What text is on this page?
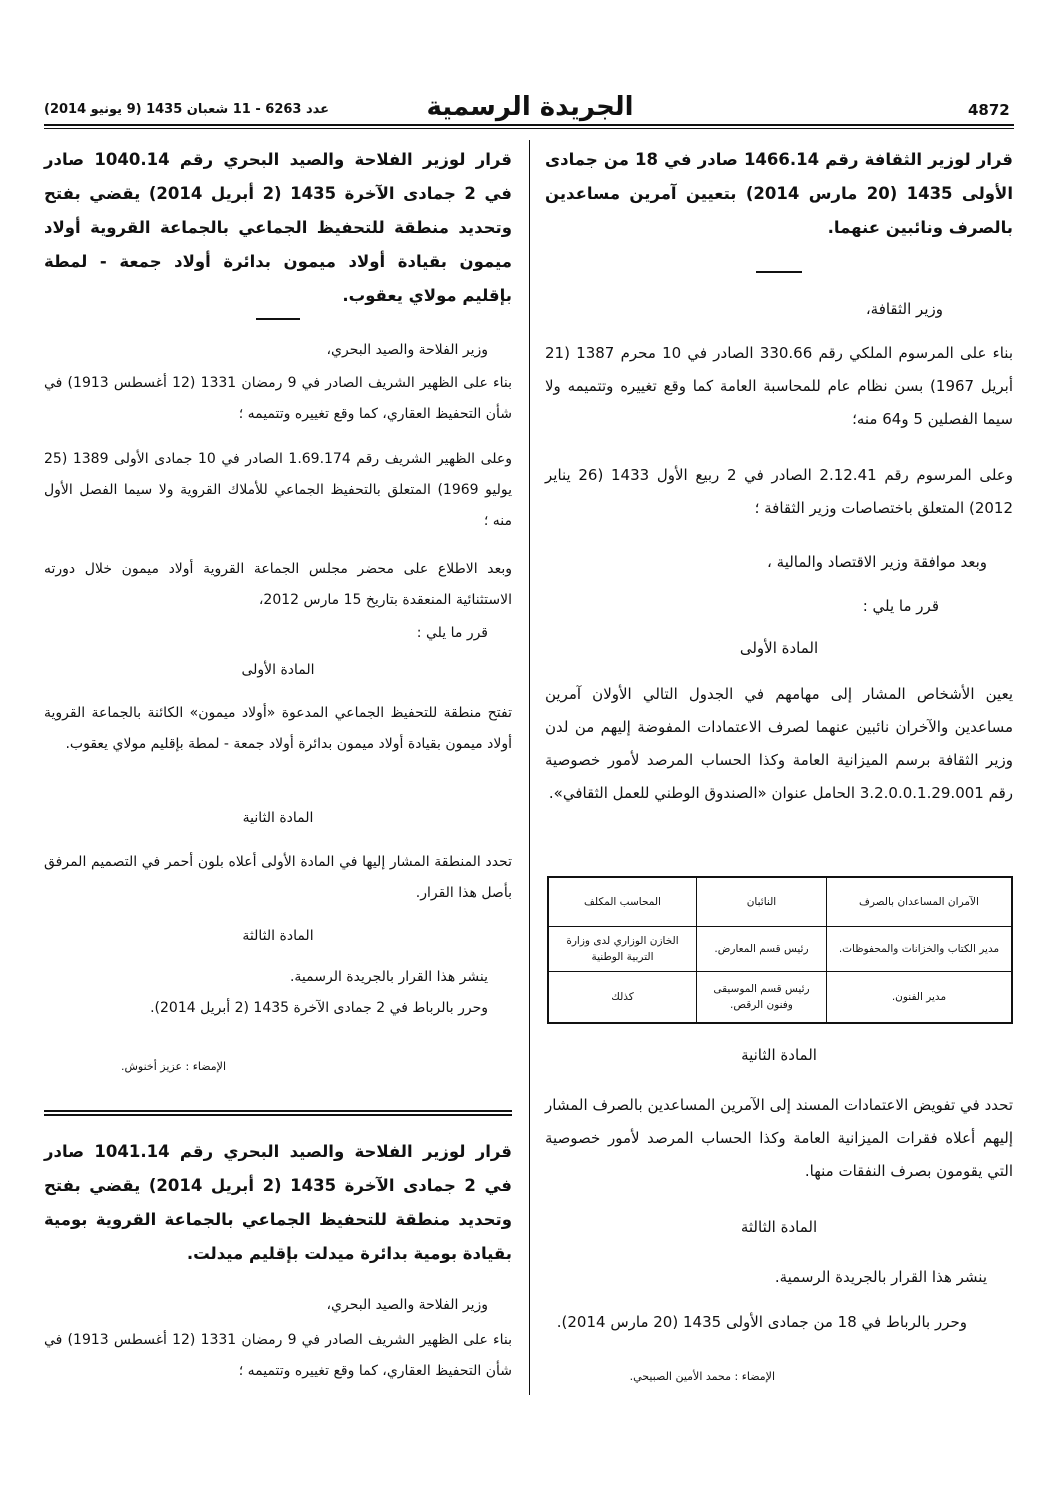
4872
الجريدة الرسمية
عدد 6263 - 11 شعبان 1435 (9 يونيو 2014)
قرار لوزير الثقافة رقم 1466.14 صادر في 18 من جمادى الأولى 1435 (20 مارس 2014) بتعيين آمرين مساعدين بالصرف ونائبين عنهما.
وزير الثقافة،
بناء على المرسوم الملكي رقم 330.66 الصادر في 10 محرم 1387 (21 أبريل 1967) بسن نظام عام للمحاسبة العامة كما وقع تغييره وتتميمه ولا سيما الفصلين 5 و64 منه؛
وعلى المرسوم رقم 2.12.41 الصادر في 2 ربيع الأول 1433 (26 يناير 2012) المتعلق باختصاصات وزير الثقافة ؛
وبعد موافقة وزير الاقتصاد والمالية ،
قرر ما يلي :
المادة الأولى
يعين الأشخاص المشار إلى مهامهم في الجدول التالي الأولان آمرين مساعدين والآخران نائبين عنهما لصرف الاعتمادات المفوضة إليهم من لدن وزير الثقافة برسم الميزانية العامة وكذا الحساب المرصد لأمور خصوصية رقم 3.2.0.0.1.29.001 الحامل عنوان «الصندوق الوطني للعمل الثقافي».
الآمران المساعدان بالصرف	النائبان	المحاسب المكلف
مدير الكتاب والخزانات والمحفوظات.	رئيس قسم المعارض.	الخازن الوزاري لدى وزارة التربية الوطنية
مدير الفنون.	رئيس قسم الموسيقى وفنون الرقص.	كذلك
المادة الثانية
تحدد في تفويض الاعتمادات المسند إلى الآمرين المساعدين بالصرف المشار إليهم أعلاه فقرات الميزانية العامة وكذا الحساب المرصد لأمور خصوصية التي يقومون بصرف النفقات منها.
المادة الثالثة
ينشر هذا القرار بالجريدة الرسمية.
وحرر بالرباط في 18 من جمادى الأولى 1435 (20 مارس 2014).
الإمضاء : محمد الأمين الصبيحي.
قرار لوزير الفلاحة والصيد البحري رقم 1040.14 صادر في 2 جمادى الآخرة 1435 (2 أبريل 2014) يقضي بفتح وتحديد منطقة للتحفيظ الجماعي بالجماعة القروية أولاد ميمون بقيادة أولاد ميمون بدائرة أولاد جمعة - لمطة بإقليم مولاي يعقوب.
وزير الفلاحة والصيد البحري،
بناء على الظهير الشريف الصادر في 9 رمضان 1331 (12 أغسطس 1913) في شأن التحفيظ العقاري، كما وقع تغييره وتتميمه ؛
وعلى الظهير الشريف رقم 1.69.174 الصادر في 10 جمادى الأولى 1389 (25 يوليو 1969) المتعلق بالتحفيظ الجماعي للأملاك القروية ولا سيما الفصل الأول منه ؛
وبعد الاطلاع على محضر مجلس الجماعة القروية أولاد ميمون خلال دورته الاستثنائية المنعقدة بتاريخ 15 مارس 2012،
قرر ما يلي :
المادة الأولى
تفتح منطقة للتحفيظ الجماعي المدعوة «أولاد ميمون» الكائنة بالجماعة القروية أولاد ميمون بقيادة أولاد ميمون بدائرة أولاد جمعة - لمطة بإقليم مولاي يعقوب.
المادة الثانية
تحدد المنطقة المشار إليها في المادة الأولى أعلاه بلون أحمر في التصميم المرفق بأصل هذا القرار.
المادة الثالثة
ينشر هذا القرار بالجريدة الرسمية.
وحرر بالرباط في 2 جمادى الآخرة 1435 (2 أبريل 2014).
الإمضاء : عزيز أخنوش.
قرار لوزير الفلاحة والصيد البحري رقم 1041.14 صادر في 2 جمادى الآخرة 1435 (2 أبريل 2014) يقضي بفتح وتحديد منطقة للتحفيظ الجماعي بالجماعة القروية بومية بقيادة بومية بدائرة ميدلت بإقليم ميدلت.
وزير الفلاحة والصيد البحري،
بناء على الظهير الشريف الصادر في 9 رمضان 1331 (12 أغسطس 1913) في شأن التحفيظ العقاري، كما وقع تغييره وتتميمه ؛
